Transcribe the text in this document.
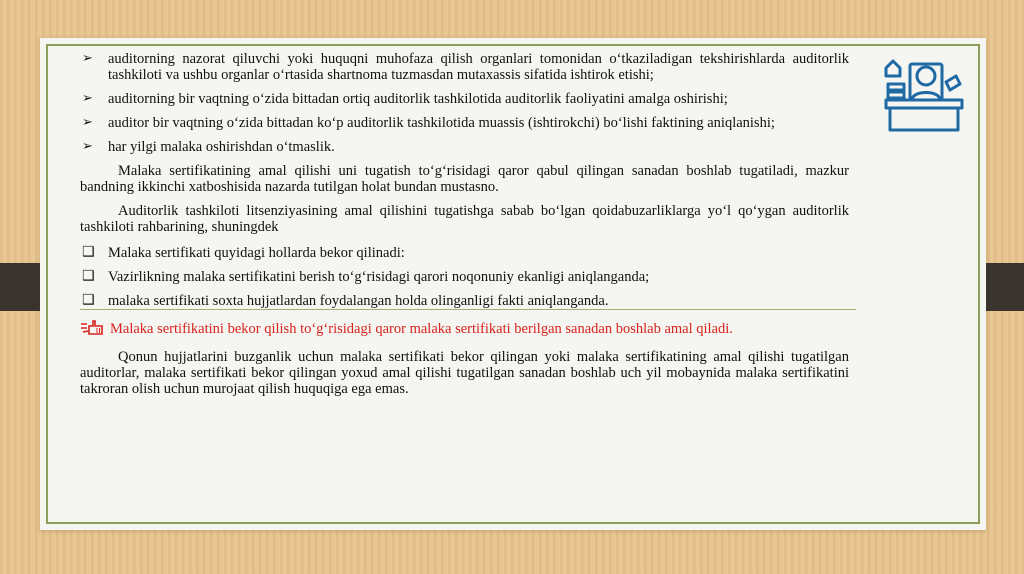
➢ auditorning nazorat qiluvchi yoki huquqni muhofaza qilish organlari tomonidan o‘tkaziladigan tekshirishlarda auditorlik tashkiloti va ushbu organlar o‘rtasida shartnoma tuzmasdan mutaxassis sifatida ishtirok etishi;
➢ auditorning bir vaqtning o‘zida bittadan ortiq auditorlik tashkilotida auditorlik faoliyatini amalga oshirishi;
➢ auditor bir vaqtning o‘zida bittadan ko‘p auditorlik tashkilotida muassis (ishtirokchi) bo‘lishi faktining aniqlanishi;
➢ har yilgi malaka oshirishdan o‘tmaslik.
Malaka sertifikatining amal qilishi uni tugatish to‘g‘risidagi qaror qabul qilingan sanadan boshlab tugatiladi, mazkur bandning ikkinchi xatboshisida nazarda tutilgan holat bundan mustasno.
Auditorlik tashkiloti litsenziyasining amal qilishini tugatishga sabab bo‘lgan qoidabuzarliklarga yo‘l qo‘ygan auditorlik tashkiloti rahbarining, shuningdek
❑ Malaka sertifikati quyidagi hollarda bekor qilinadi:
❑ Vazirlikning malaka sertifikatini berish to‘g‘risidagi qarori noqonuniy ekanligi aniqlanganda;
❑ malaka sertifikati soxta hujjatlardan foydalangan holda olinganligi fakti aniqlanganda.
Malaka sertifikatini bekor qilish to‘g‘risidagi qaror malaka sertifikati berilgan sanadan boshlab amal qiladi.
Qonun hujjatlarini buzganlik uchun malaka sertifikati bekor qilingan yoki malaka sertifikatining amal qilishi tugatilgan auditorlar, malaka sertifikati bekor qilingan yoxud amal qilishi tugatilgan sanadan boshlab uch yil mobaynida malaka sertifikatini takroran olish uchun murojaat qilish huquqiga ega emas.
